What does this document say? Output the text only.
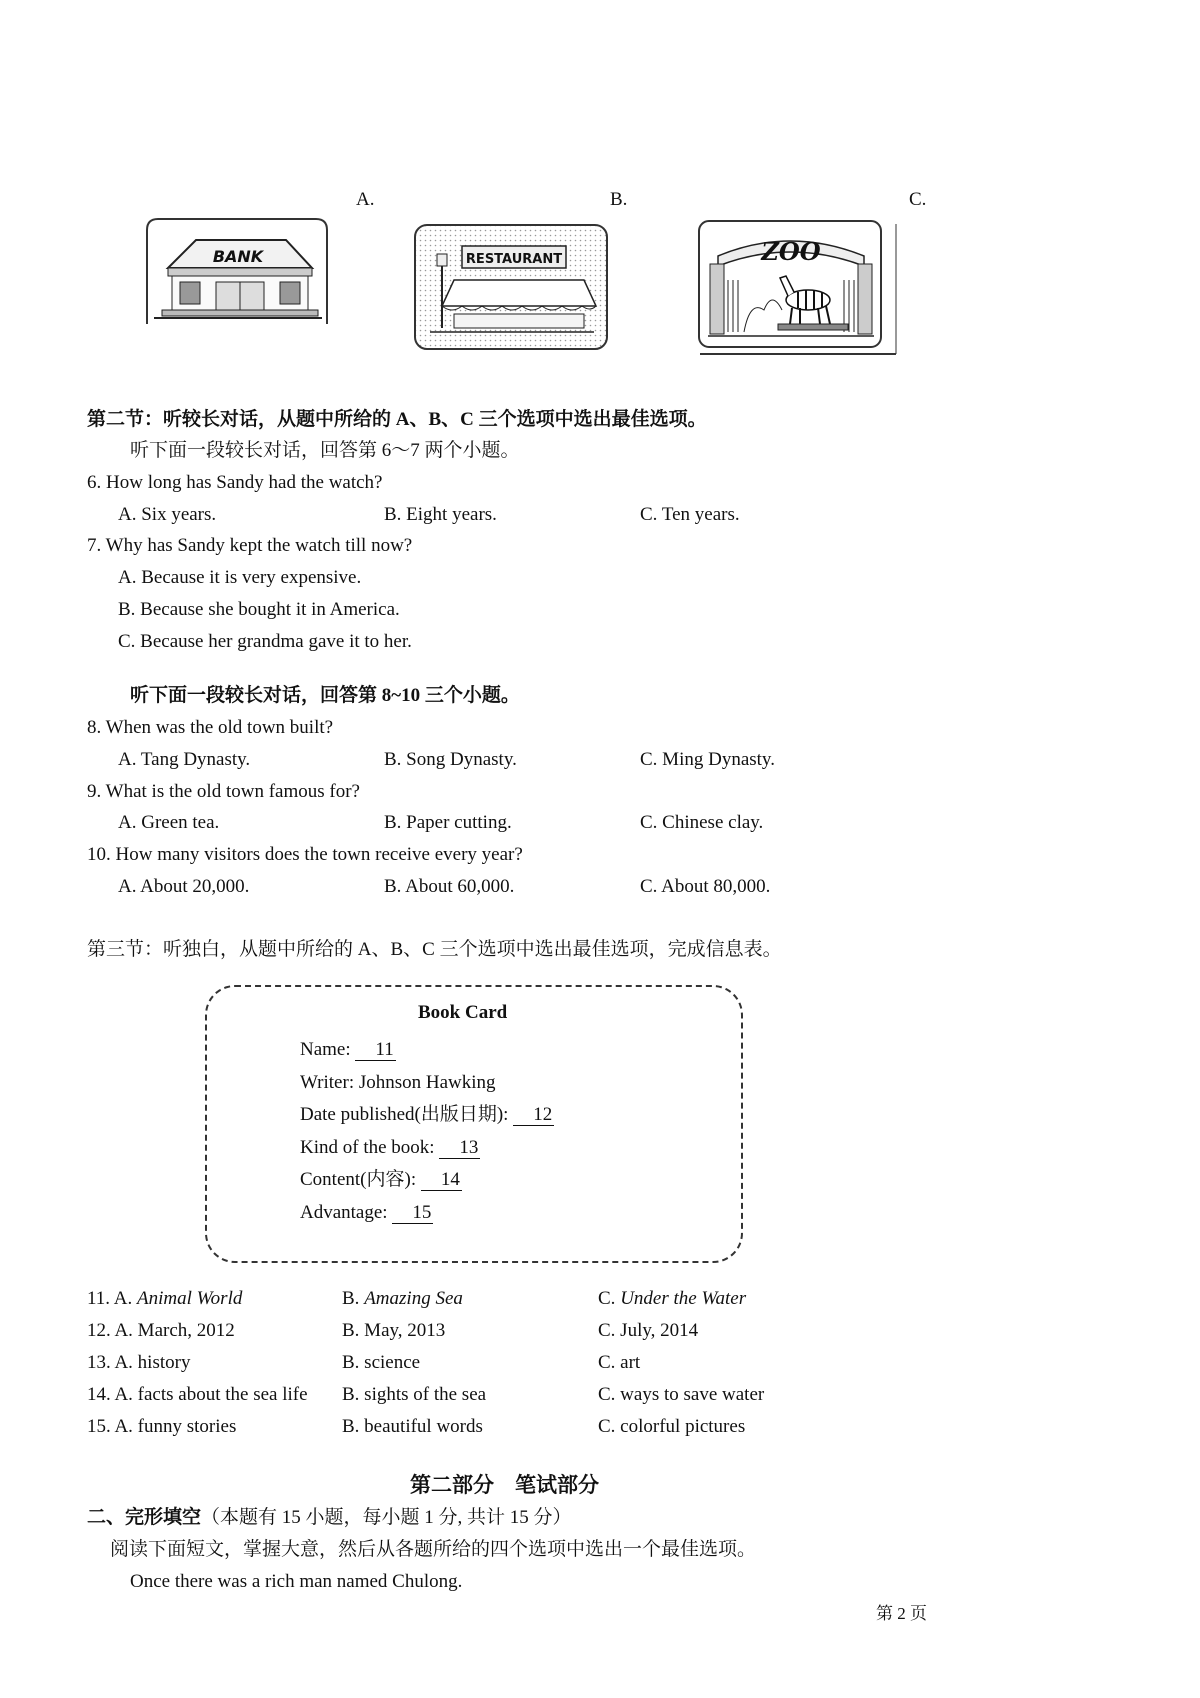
A.	B.	C.
BANK	RESTAURANT	ZOO
第二节：听较长对话，从题中所给的 A、B、C 三个选项中选出最佳选项。
听下面一段较长对话，回答第 6～7 两个小题。
6. How long has Sandy had the watch?
A. Six years.	B. Eight years.	C. Ten years.
7. Why has Sandy kept the watch till now?
A. Because it is very expensive.
B. Because she bought it in America.
C. Because her grandma gave it to her.
听下面一段较长对话，回答第 8~10 三个小题。
8. When was the old town built?
A. Tang Dynasty.	B. Song Dynasty.	C. Ming Dynasty.
9. What is the old town famous for?
A. Green tea.	B. Paper cutting.	C. Chinese clay.
10. How many visitors does the town receive every year?
A. About 20,000.	B. About 60,000.	C. About 80,000.
第三节：听独白，从题中所给的 A、B、C 三个选项中选出最佳选项，完成信息表。
Book Card
Name: 11
Writer: Johnson Hawking
Date published(出版日期): 12
Kind of the book: 13
Content(内容): 14
Advantage: 15
11. A. Animal World	B. Amazing Sea	C. Under the Water
12. A. March, 2012	B. May, 2013	C. July, 2014
13. A. history	B. science	C. art
14. A. facts about the sea life B. sights of the sea	C. ways to save water
15. A. funny stories	B. beautiful words	C. colorful pictures
第二部分　笔试部分
二、完形填空（本题有 15 小题，每小题 1 分, 共计 15 分）
阅读下面短文，掌握大意，然后从各题所给的四个选项中选出一个最佳选项。
Once there was a rich man named Chulong.
第 2 页
